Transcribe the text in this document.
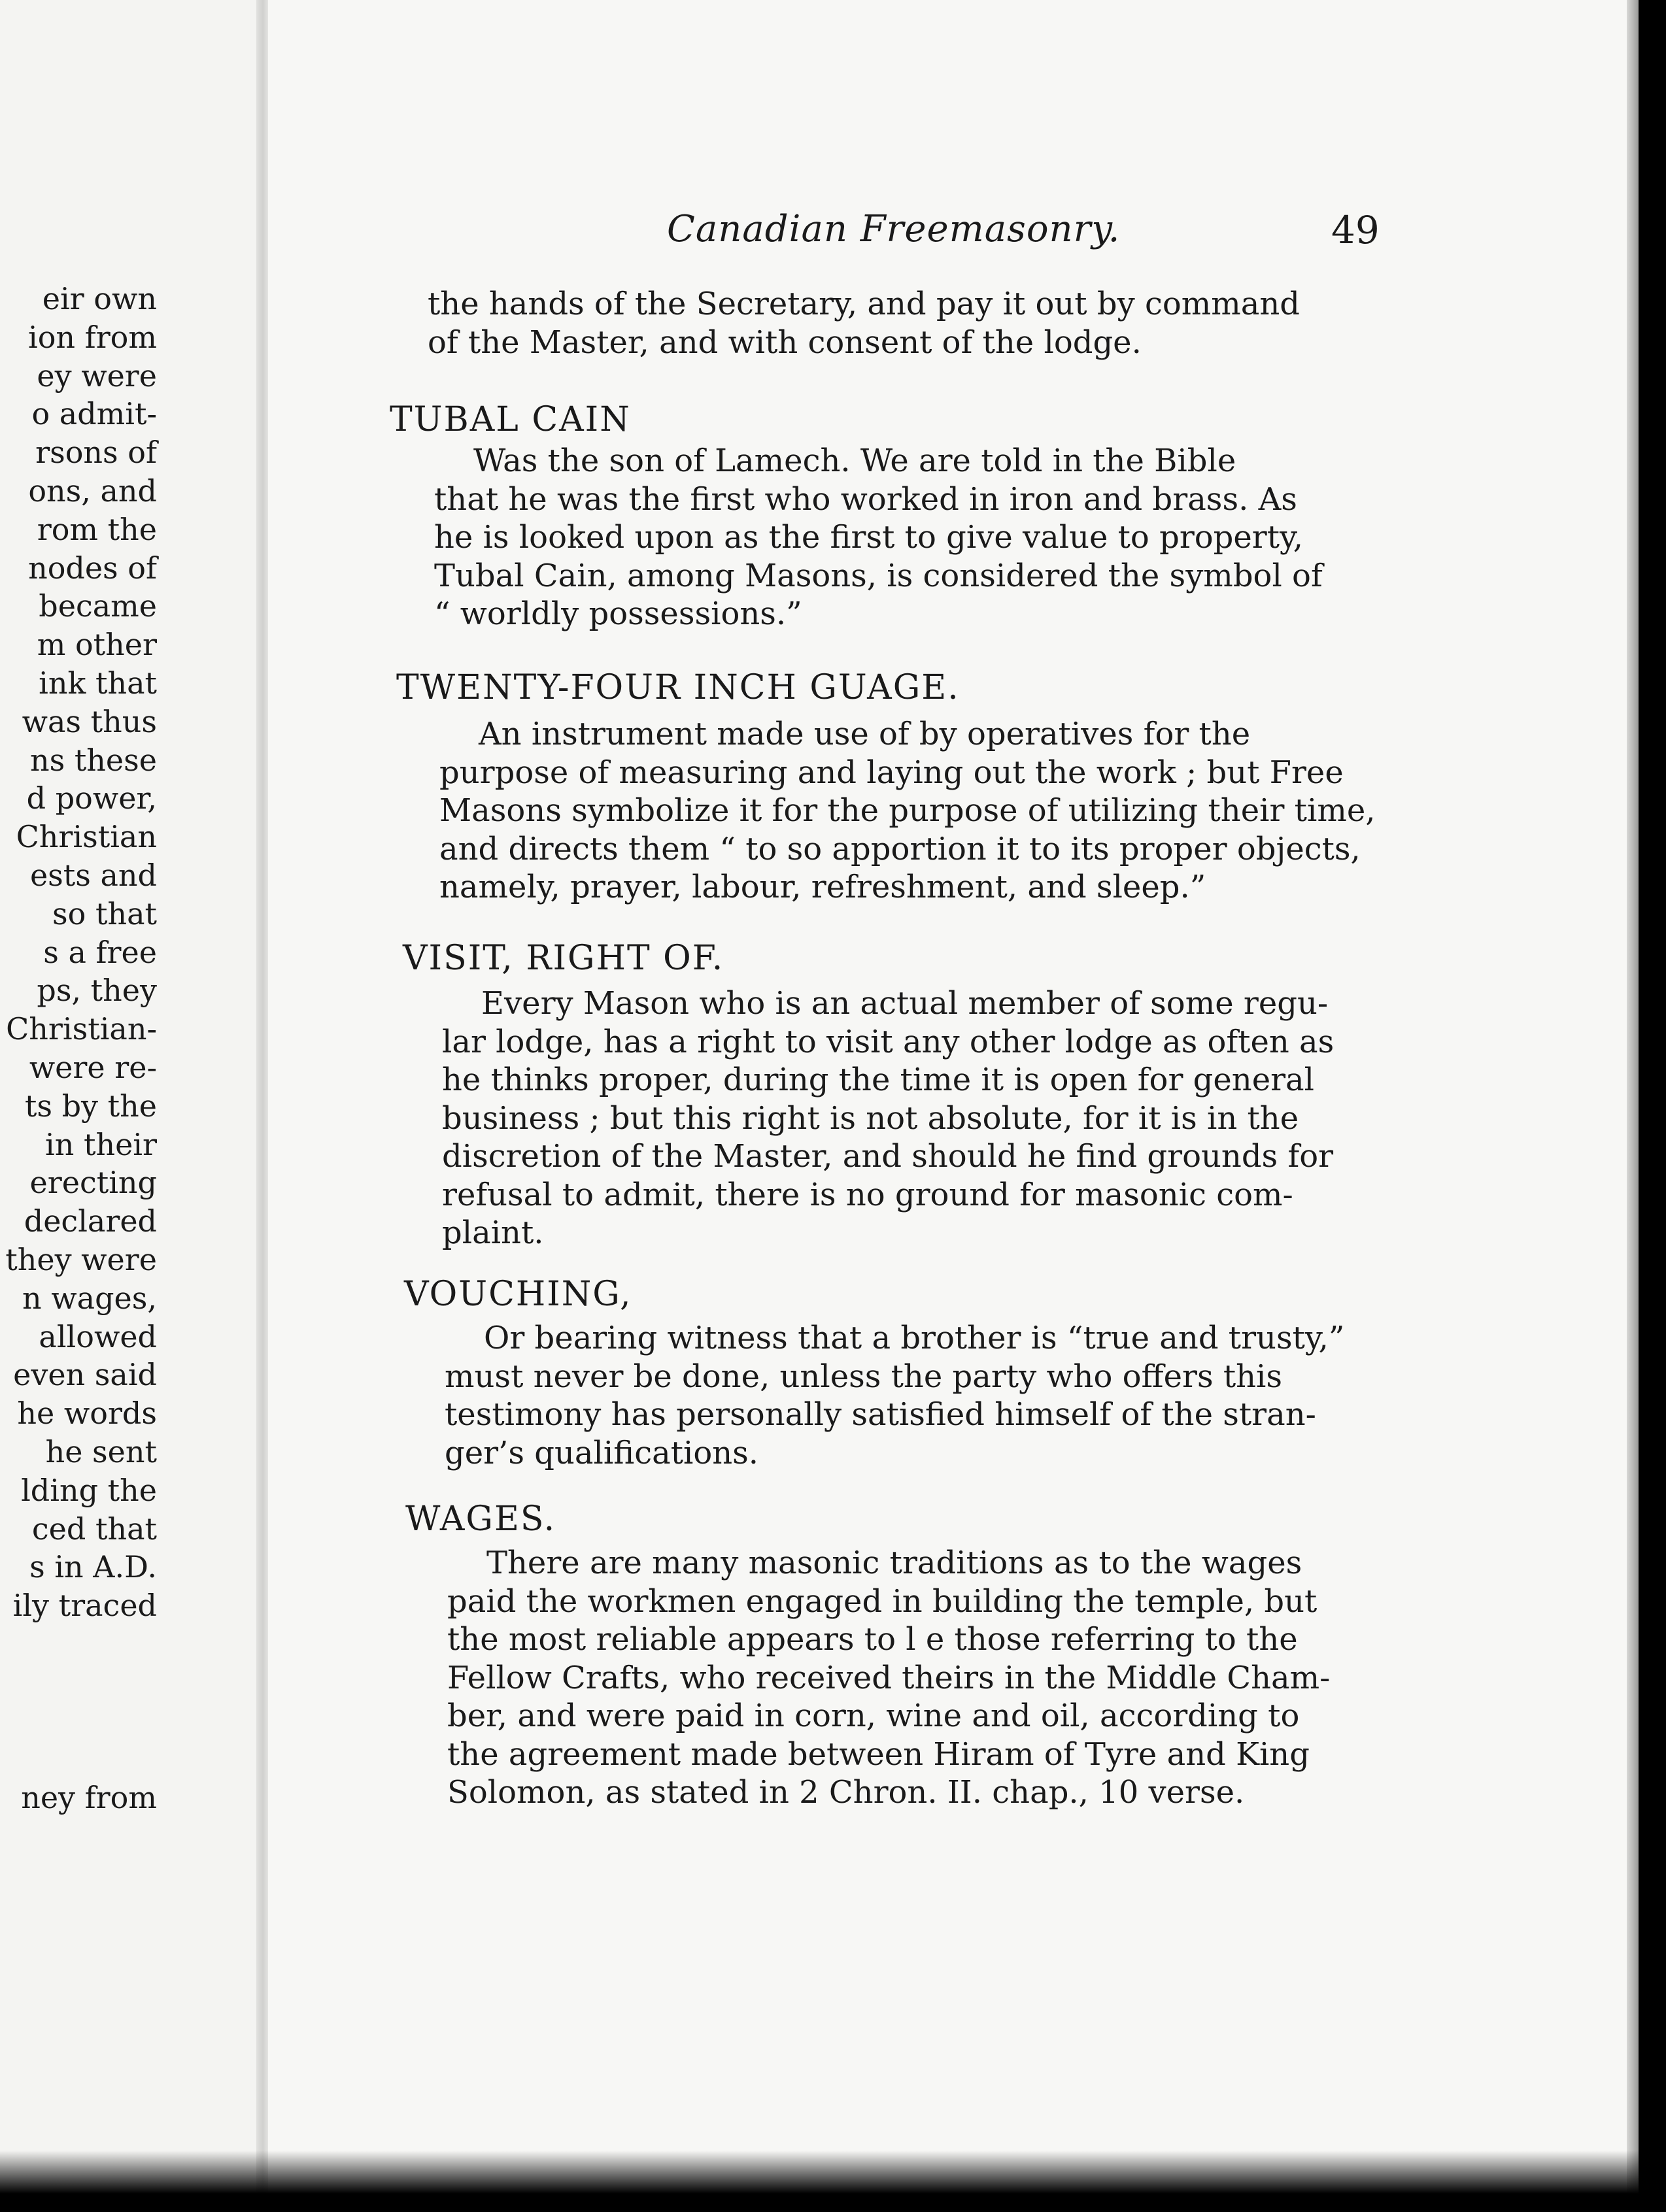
eir own
ion from
ey were
o admit-
rsons of
ons, and
rom the
nodes of
became
m other
ink that
was thus
ns these
d power,
Christian
ests and
so that
s a free
ps, they
Christian-
were re-
ts by the
in their
erecting
declared
they were
n wages,
allowed
even said
he words
he sent
lding the
ced that
s in A.D.
ily traced
ney from
Canadian Freemasonry.	49

the hands of the Secretary, and pay it out by command

of the Master, and with consent of the lodge.

TUBAL CAIN

Was the son of Lamech. We are told in the Bible

that he was the first who worked in iron and brass. As

he is looked upon as the first to give value to property,

Tubal Cain, among Masons, is considered the symbol of

“ worldly possessions.”

TWENTY-FOUR INCH GUAGE.

An instrument made use of by operatives for the

purpose of measuring and laying out the work ; but Free

Masons symbolize it for the purpose of utilizing their time,

and directs them “ to so apportion it to its proper objects,

namely, prayer, labour, refreshment, and sleep.”

VISIT, RIGHT OF.

Every Mason who is an actual member of some regu-

lar lodge, has a right to visit any other lodge as often as

he thinks proper, during the time it is open for general

business ; but this right is not absolute, for it is in the

discretion of the Master, and should he find grounds for

refusal to admit, there is no ground for masonic com-

plaint.

VOUCHING,

Or bearing witness that a brother is “true and trusty,”

must never be done, unless the party who offers this

testimony has personally satisfied himself of the stran-

ger’s qualifications.

WAGES.

There are many masonic traditions as to the wages

paid the workmen engaged in building the temple, but

the most reliable appears to l e those referring to the

Fellow Crafts, who received theirs in the Middle Cham-

ber, and were paid in corn, wine and oil, according to

the agreement made between Hiram of Tyre and King

Solomon, as stated in 2 Chron. II. chap., 10 verse.
